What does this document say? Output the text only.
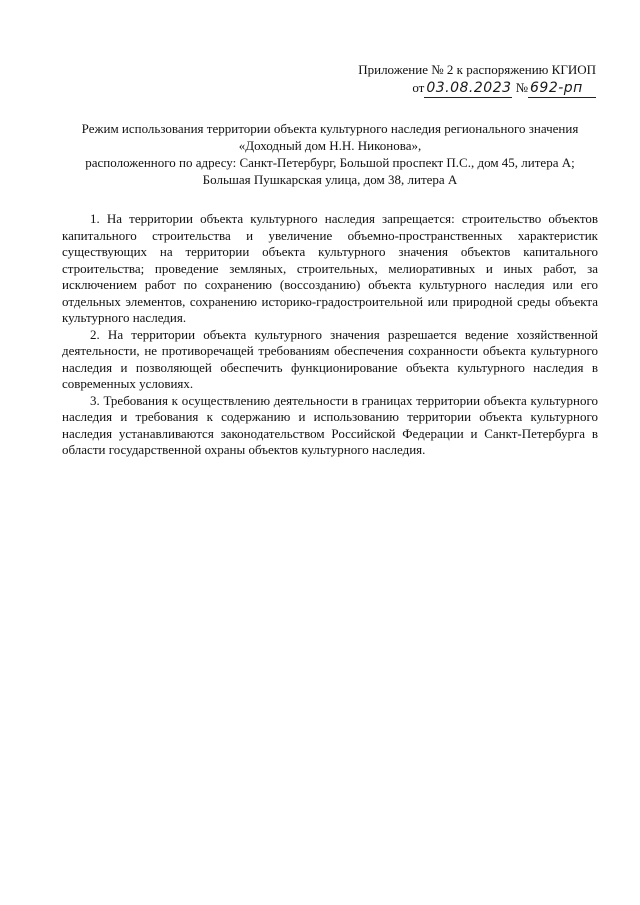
Приложение № 2 к распоряжению КГИОП
от 03.08.2023 № 692-рп
Режим использования территории объекта культурного наследия регионального значения
«Доходный дом Н.Н. Никонова»,
расположенного по адресу: Санкт-Петербург, Большой проспект П.С., дом 45, литера А;
Большая Пушкарская улица, дом 38, литера А

1. На территории объекта культурного наследия запрещается: строительство объектов капитального строительства и увеличение объемно-пространственных характеристик существующих на территории объекта культурного значения объектов капитального строительства; проведение земляных, строительных, мелиоративных и иных работ, за исключением работ по сохранению (воссозданию) объекта культурного наследия или его отдельных элементов, сохранению историко-градостроительной или природной среды объекта культурного наследия.

2. На территории объекта культурного значения разрешается ведение хозяйственной деятельности, не противоречащей требованиям обеспечения сохранности объекта культурного наследия и позволяющей обеспечить функционирование объекта культурного наследия в современных условиях.

3. Требования к осуществлению деятельности в границах территории объекта культурного наследия и требования к содержанию и использованию территории объекта культурного наследия устанавливаются законодательством Российской Федерации и Санкт-Петербурга в области государственной охраны объектов культурного наследия.
